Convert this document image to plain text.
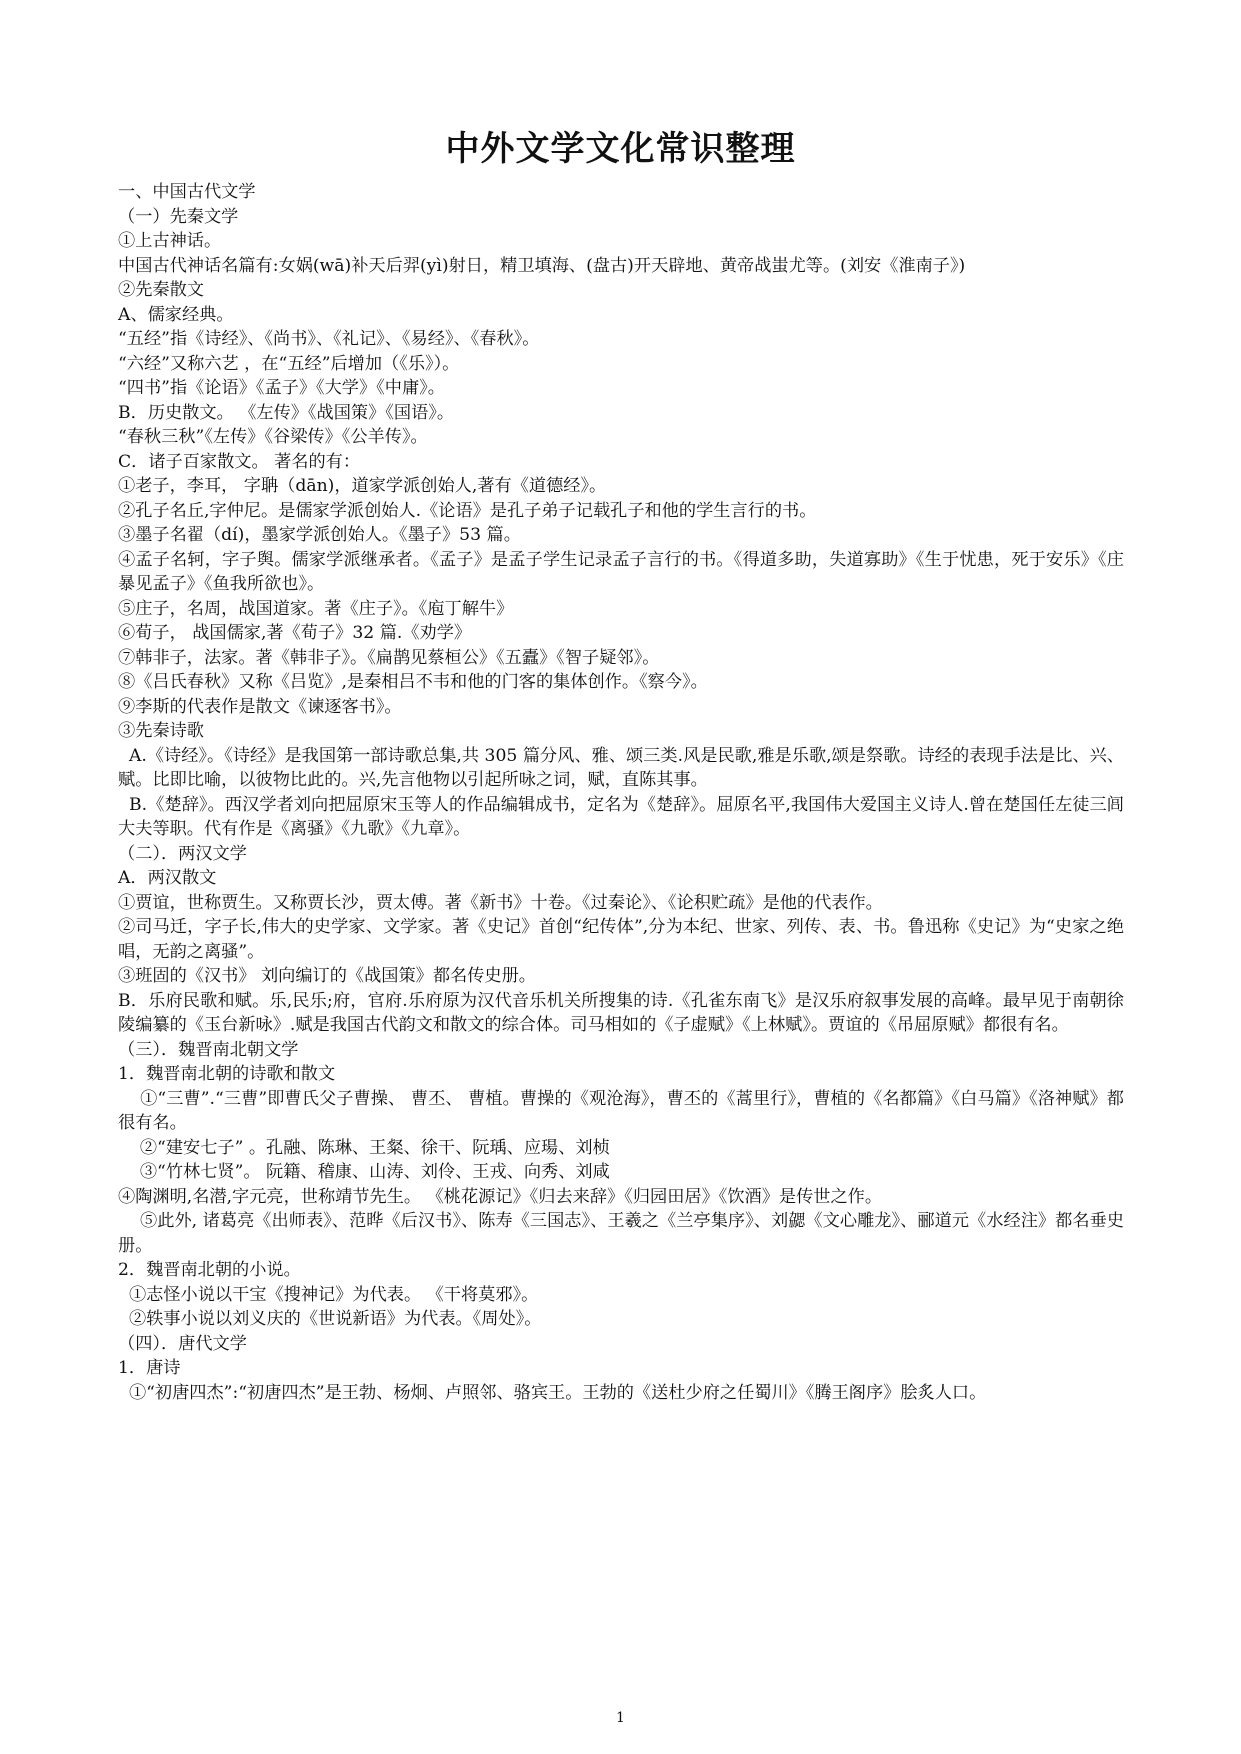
中外文学文化常识整理

一、中国古代文学

（一）先秦文学

①上古神话。

中国古代神话名篇有:女娲(wā)补天后羿(yì)射日，精卫填海、(盘古)开天辟地、黄帝战蚩尤等。(刘安《淮南子》)

②先秦散文

A、儒家经典。

“五经”指《诗经》、《尚书》、《礼记》、《易经》、《春秋》。

“六经”又称六艺 ，在“五经”后增加（《乐》）。

“四书”指《论语》《孟子》《大学》《中庸》。

B．历史散文。 《左传》《战国策》《国语》。

“春秋三秋”《左传》《谷梁传》《公羊传》。

C．诸子百家散文。 著名的有：

①老子，李耳， 字聃（dān)，道家学派创始人,著有《道德经》。

②孔子名丘,字仲尼。是儒家学派创始人.《论语》是孔子弟子记载孔子和他的学生言行的书。

③墨子名翟（dí)，墨家学派创始人。《墨子》53 篇。

④孟子名轲，字子舆。儒家学派继承者。《孟子》是孟子学生记录孟子言行的书。《得道多助，失道寡助》《生于忧患，死于安乐》《庄暴见孟子》《鱼我所欲也》。

⑤庄子，名周，战国道家。著《庄子》。《庖丁解牛》

⑥荀子， 战国儒家,著《荀子》32 篇.《劝学》

⑦韩非子，法家。著《韩非子》。《扁鹊见蔡桓公》《五蠹》《智子疑邻》。

⑧《吕氏春秋》又称《吕览》,是秦相吕不韦和他的门客的集体创作。《察今》。

⑨李斯的代表作是散文《谏逐客书》。

③先秦诗歌

A.《诗经》。《诗经》是我国第一部诗歌总集,共 305 篇分风、雅、颂三类.风是民歌,雅是乐歌,颂是祭歌。诗经的表现手法是比、兴、赋。比即比喻，以彼物比此的。兴,先言他物以引起所咏之词，赋，直陈其事。

B.《楚辞》。西汉学者刘向把屈原宋玉等人的作品编辑成书，定名为《楚辞》。屈原名平,我国伟大爱国主义诗人.曾在楚国任左徒三闾大夫等职。代有作是《离骚》《九歌》《九章》。

（二）．两汉文学

A．两汉散文

①贾谊，世称贾生。又称贾长沙，贾太傅。著《新书》十卷。《过秦论》、《论积贮疏》是他的代表作。

②司马迁，字子长,伟大的史学家、文学家。著《史记》首创“纪传体”,分为本纪、世家、列传、表、书。鲁迅称《史记》为“史家之绝唱，无韵之离骚”。

③班固的《汉书》 刘向编订的《战国策》都名传史册。

B．乐府民歌和赋。乐,民乐;府，官府.乐府原为汉代音乐机关所搜集的诗.《孔雀东南飞》是汉乐府叙事发展的高峰。最早见于南朝徐陵编纂的《玉台新咏》.赋是我国古代韵文和散文的综合体。司马相如的《子虚赋》《上林赋》。贾谊的《吊屈原赋》都很有名。

（三）．魏晋南北朝文学

1．魏晋南北朝的诗歌和散文

①“三曹”.“三曹”即曹氏父子曹操、 曹丕、 曹植。曹操的《观沧海》，曹丕的《蒿里行》，曹植的《名都篇》《白马篇》《洛神赋》都很有名。

②“建安七子” 。孔融、陈琳、王粲、徐干、阮瑀、应瑒、刘桢

③“竹林七贤”。 阮籍、稽康、山涛、刘伶、王戎、向秀、刘咸

④陶渊明,名潜,字元亮，世称靖节先生。 《桃花源记》《归去来辞》《归园田居》《饮酒》是传世之作。

⑤此外, 诸葛亮《出师表》、范晔《后汉书》、陈寿《三国志》、王羲之《兰亭集序》、刘勰《文心雕龙》、郦道元《水经注》都名垂史册。

2．魏晋南北朝的小说。

①志怪小说以干宝《搜神记》为代表。 《干将莫邪》。

②轶事小说以刘义庆的《世说新语》为代表。《周处》。

（四）．唐代文学

1．唐诗

①“初唐四杰”:“初唐四杰”是王勃、杨炯、卢照邻、骆宾王。王勃的《送杜少府之任蜀川》《腾王阁序》脍炙人口。

1
